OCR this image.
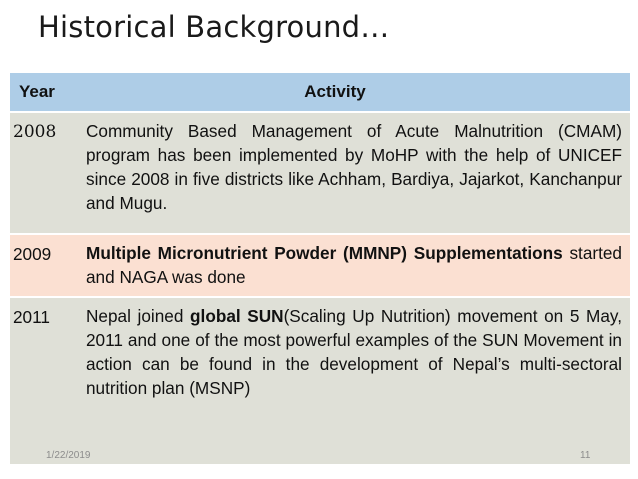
Historical Background…
Year	Activity
2008	Community Based Management of Acute Malnutrition (CMAM) program has been implemented by MoHP with the help of UNICEF since 2008 in five districts like Achham, Bardiya, Jajarkot, Kanchanpur and Mugu.
2009	Multiple Micronutrient Powder (MMNP) Supplementations started and NAGA was done
2011	Nepal joined global SUN(Scaling Up Nutrition) movement on 5 May, 2011 and one of the most powerful examples of the SUN Movement in action can be found in the development of Nepal’s multi-sectoral nutrition plan (MSNP)
1/22/2019	11
